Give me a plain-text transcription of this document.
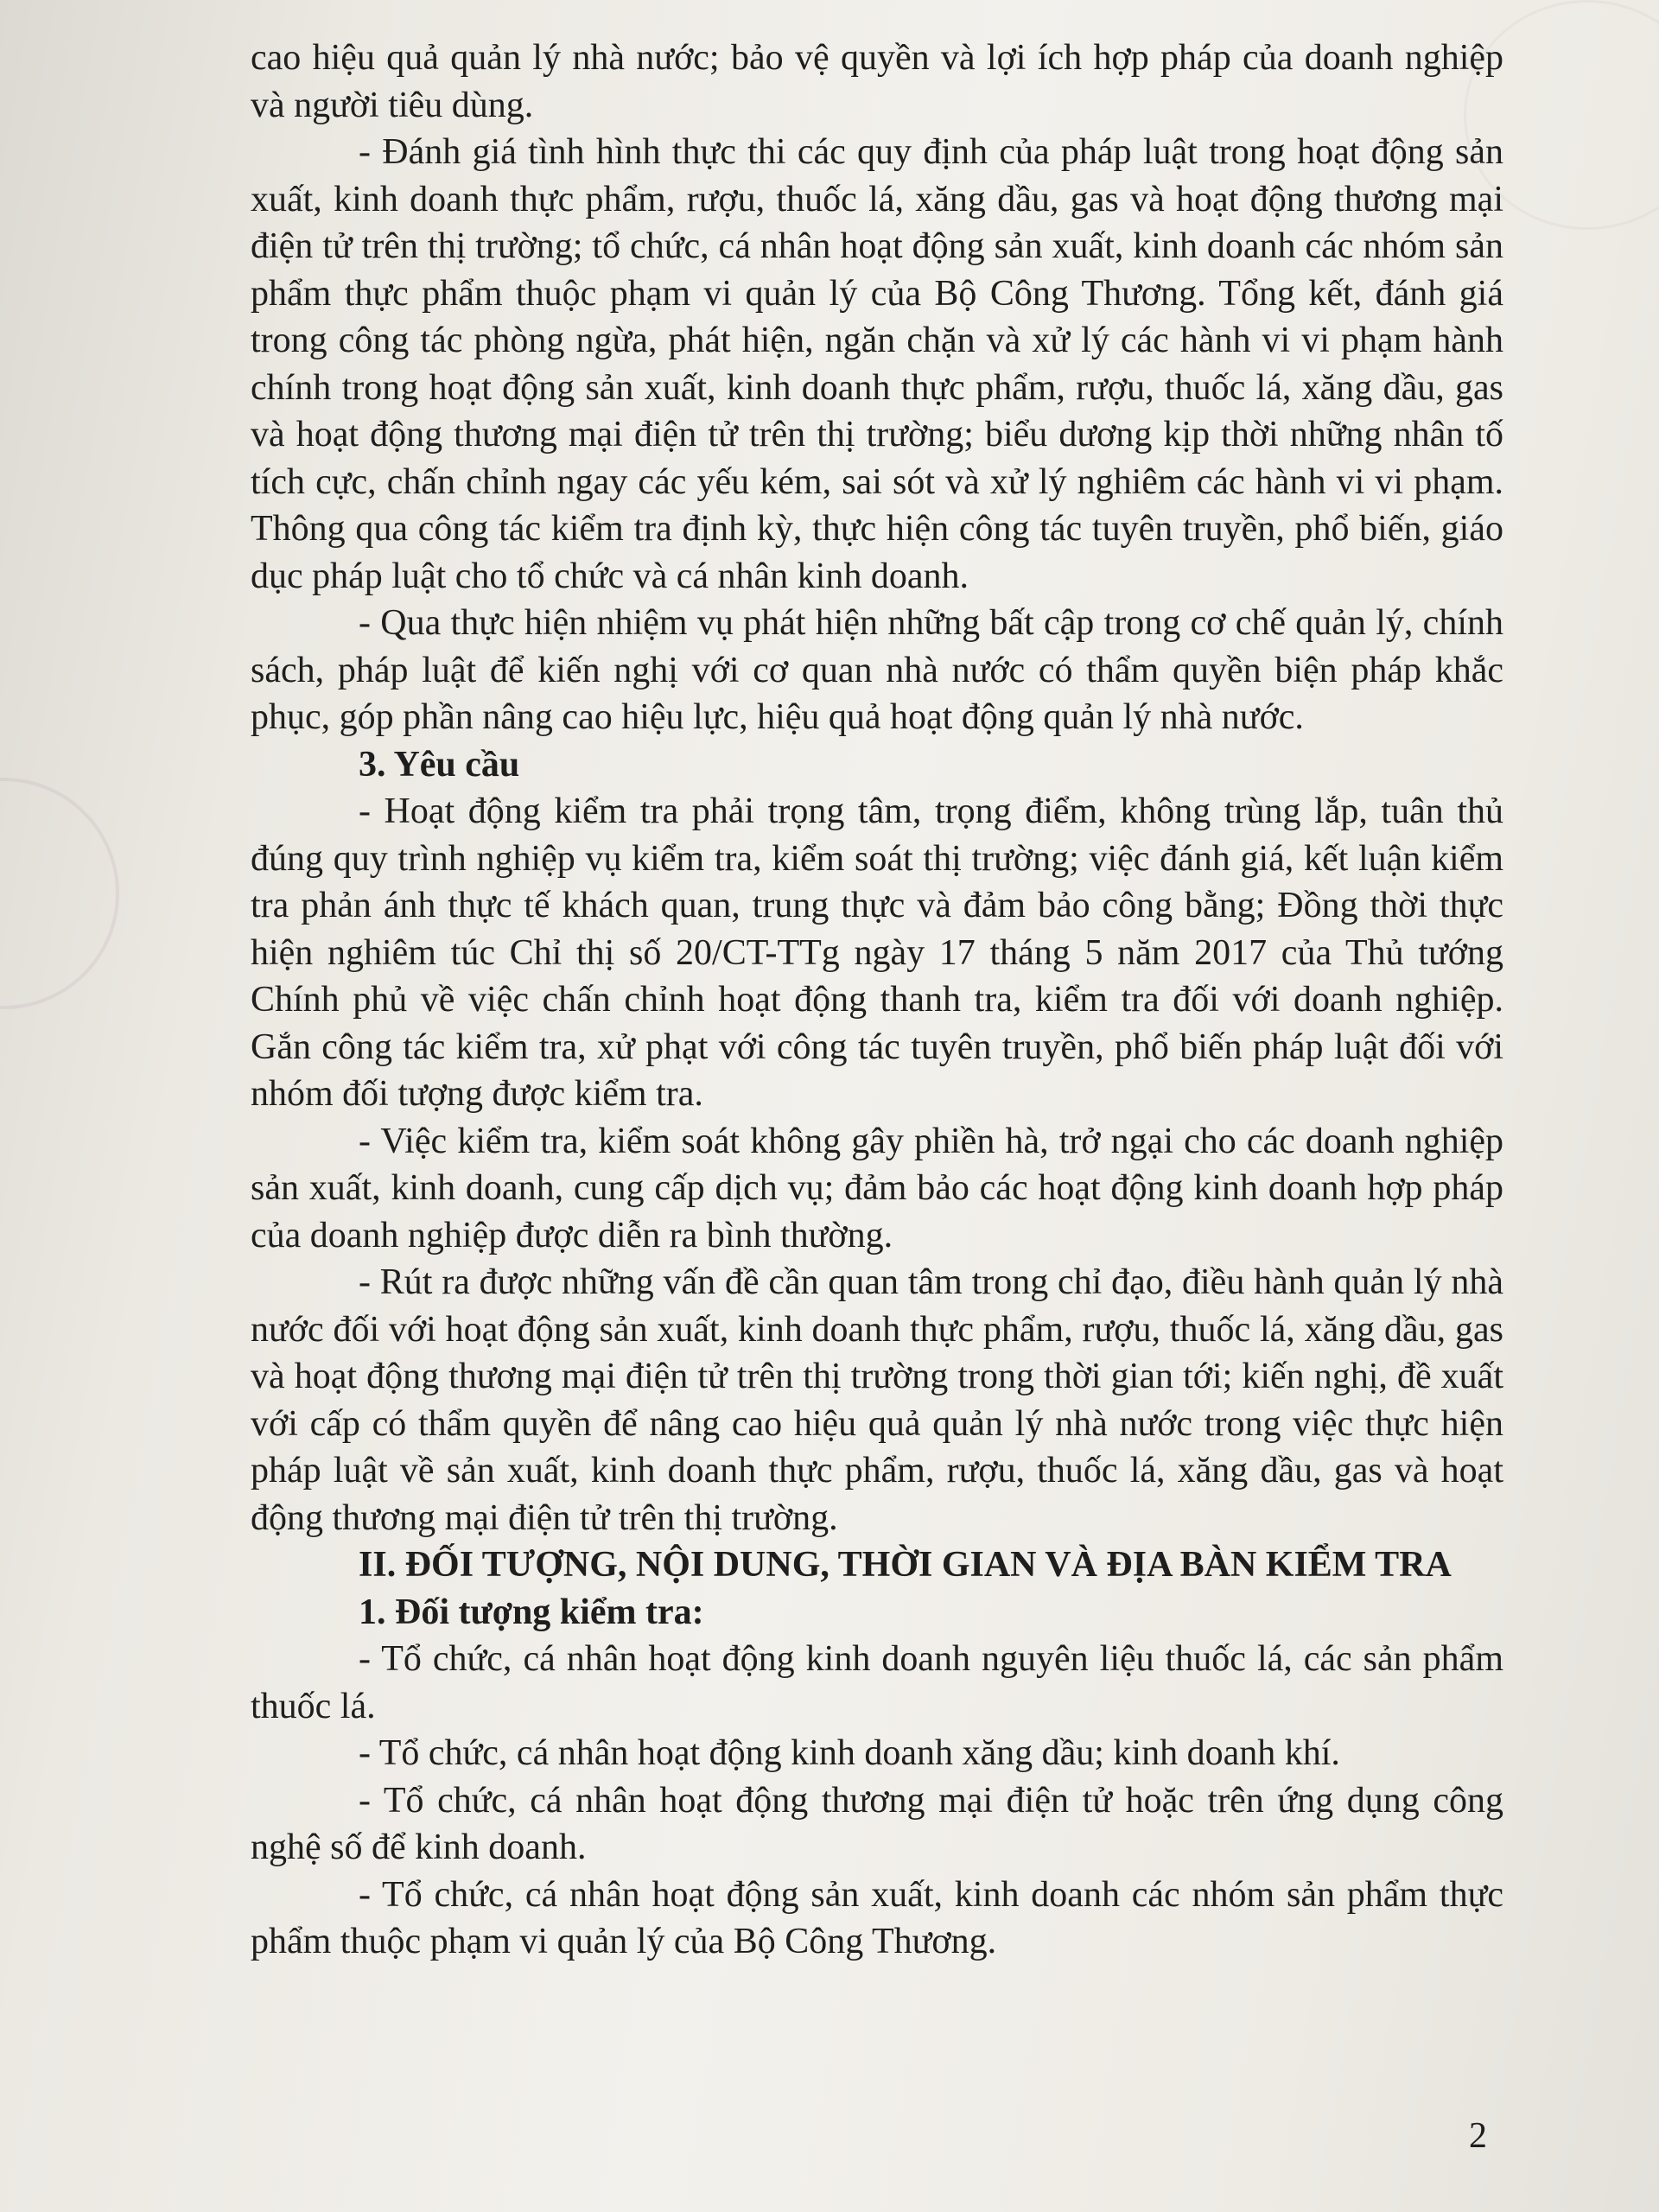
cao hiệu quả quản lý nhà nước; bảo vệ quyền và lợi ích hợp pháp của doanh nghiệp và người tiêu dùng.

- Đánh giá tình hình thực thi các quy định của pháp luật trong hoạt động sản xuất, kinh doanh thực phẩm, rượu, thuốc lá, xăng dầu, gas và hoạt động thương mại điện tử trên thị trường; tổ chức, cá nhân hoạt động sản xuất, kinh doanh các nhóm sản phẩm thực phẩm thuộc phạm vi quản lý của Bộ Công Thương. Tổng kết, đánh giá trong công tác phòng ngừa, phát hiện, ngăn chặn và xử lý các hành vi vi phạm hành chính trong hoạt động sản xuất, kinh doanh thực phẩm, rượu, thuốc lá, xăng dầu, gas và hoạt động thương mại điện tử trên thị trường; biểu dương kịp thời những nhân tố tích cực, chấn chỉnh ngay các yếu kém, sai sót và xử lý nghiêm các hành vi vi phạm. Thông qua công tác kiểm tra định kỳ, thực hiện công tác tuyên truyền, phổ biến, giáo dục pháp luật cho tổ chức và cá nhân kinh doanh.

- Qua thực hiện nhiệm vụ phát hiện những bất cập trong cơ chế quản lý, chính sách, pháp luật để kiến nghị với cơ quan nhà nước có thẩm quyền biện pháp khắc phục, góp phần nâng cao hiệu lực, hiệu quả hoạt động quản lý nhà nước.

3. Yêu cầu

- Hoạt động kiểm tra phải trọng tâm, trọng điểm, không trùng lắp, tuân thủ đúng quy trình nghiệp vụ kiểm tra, kiểm soát thị trường; việc đánh giá, kết luận kiểm tra phản ánh thực tế khách quan, trung thực và đảm bảo công bằng; Đồng thời thực hiện nghiêm túc Chỉ thị số 20/CT-TTg ngày 17 tháng 5 năm 2017 của Thủ tướng Chính phủ về việc chấn chỉnh hoạt động thanh tra, kiểm tra đối với doanh nghiệp. Gắn công tác kiểm tra, xử phạt với công tác tuyên truyền, phổ biến pháp luật đối với nhóm đối tượng được kiểm tra.

- Việc kiểm tra, kiểm soát không gây phiền hà, trở ngại cho các doanh nghiệp sản xuất, kinh doanh, cung cấp dịch vụ; đảm bảo các hoạt động kinh doanh hợp pháp của doanh nghiệp được diễn ra bình thường.

- Rút ra được những vấn đề cần quan tâm trong chỉ đạo, điều hành quản lý nhà nước đối với hoạt động sản xuất, kinh doanh thực phẩm, rượu, thuốc lá, xăng dầu, gas và hoạt động thương mại điện tử trên thị trường trong thời gian tới; kiến nghị, đề xuất với cấp có thẩm quyền để nâng cao hiệu quả quản lý nhà nước trong việc thực hiện pháp luật về sản xuất, kinh doanh thực phẩm, rượu, thuốc lá, xăng dầu, gas và hoạt động thương mại điện tử trên thị trường.

II. ĐỐI TƯỢNG, NỘI DUNG, THỜI GIAN VÀ ĐỊA BÀN KIỂM TRA

1. Đối tượng kiểm tra:

- Tổ chức, cá nhân hoạt động kinh doanh nguyên liệu thuốc lá, các sản phẩm thuốc lá.

- Tổ chức, cá nhân hoạt động kinh doanh xăng dầu; kinh doanh khí.

- Tổ chức, cá nhân hoạt động thương mại điện tử hoặc trên ứng dụng công nghệ số để kinh doanh.

- Tổ chức, cá nhân hoạt động sản xuất, kinh doanh các nhóm sản phẩm thực phẩm thuộc phạm vi quản lý của Bộ Công Thương.

2
